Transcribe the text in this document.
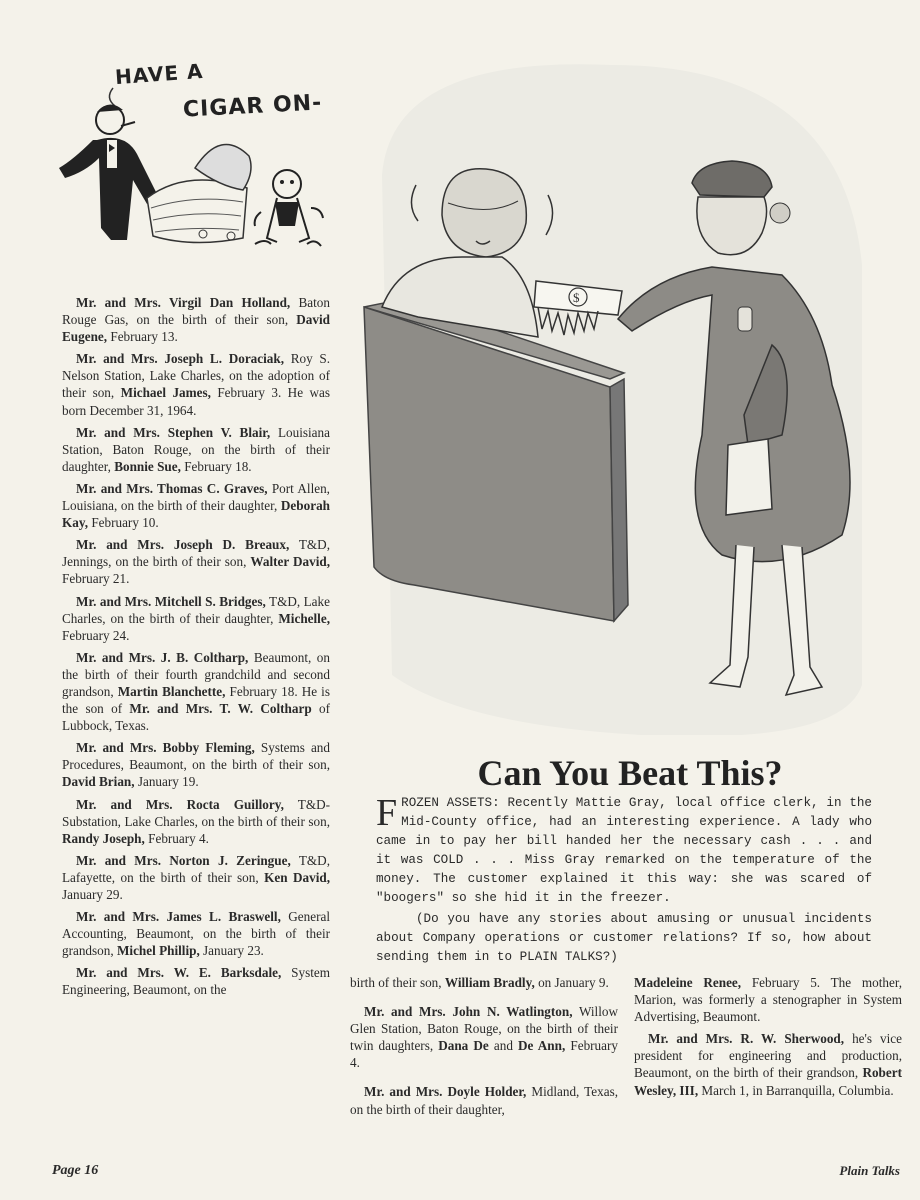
HAVE A
CIGAR ON-

Mr. and Mrs. Virgil Dan Holland, Baton Rouge Gas, on the birth of their son, David Eugene, February 13.

Mr. and Mrs. Joseph L. Doraciak, Roy S. Nelson Station, Lake Charles, on the adoption of their son, Michael James, February 3. He was born December 31, 1964.

Mr. and Mrs. Stephen V. Blair, Louisiana Station, Baton Rouge, on the birth of their daughter, Bonnie Sue, February 18.

Mr. and Mrs. Thomas C. Graves, Port Allen, Louisiana, on the birth of their daughter, Deborah Kay, February 10.

Mr. and Mrs. Joseph D. Breaux, T&D, Jennings, on the birth of their son, Walter David, February 21.

Mr. and Mrs. Mitchell S. Bridges, T&D, Lake Charles, on the birth of their daughter, Michelle, February 24.

Mr. and Mrs. J. B. Coltharp, Beaumont, on the birth of their fourth grandchild and second grandson, Martin Blanchette, February 18. He is the son of Mr. and Mrs. T. W. Coltharp of Lubbock, Texas.

Mr. and Mrs. Bobby Fleming, Systems and Procedures, Beaumont, on the birth of their son, David Brian, January 19.

Mr. and Mrs. Rocta Guillory, T&D-Substation, Lake Charles, on the birth of their son, Randy Joseph, February 4.

Mr. and Mrs. Norton J. Zeringue, T&D, Lafayette, on the birth of their son, Ken David, January 29.

Mr. and Mrs. James L. Braswell, General Accounting, Beaumont, on the birth of their grandson, Michel Phillip, January 23.

Mr. and Mrs. W. E. Barksdale, System Engineering, Beaumont, on the

$
Can You Beat This?

FROZEN ASSETS: Recently Mattie Gray, local office clerk, in the Mid-County office, had an interesting experience. A lady who came in to pay her bill handed her the necessary cash . . . and it was COLD . . . Miss Gray remarked on the temperature of the money. The customer explained it this way: she was scared of "boogers" so she hid it in the freezer.

(Do you have any stories about amusing or unusual incidents about Company operations or customer relations? If so, how about sending them in to PLAIN TALKS?)

birth of their son, William Bradly, on January 9.

Mr. and Mrs. John N. Watlington, Willow Glen Station, Baton Rouge, on the birth of their twin daughters, Dana De and De Ann, February 4.

Mr. and Mrs. Doyle Holder, Midland, Texas, on the birth of their daughter,

Madeleine Renee, February 5. The mother, Marion, was formerly a stenographer in System Advertising, Beaumont.

Mr. and Mrs. R. W. Sherwood, he's vice president for engineering and production, Beaumont, on the birth of their grandson, Robert Wesley, III, March 1, in Barranquilla, Columbia.

Page 16	Plain Talks
